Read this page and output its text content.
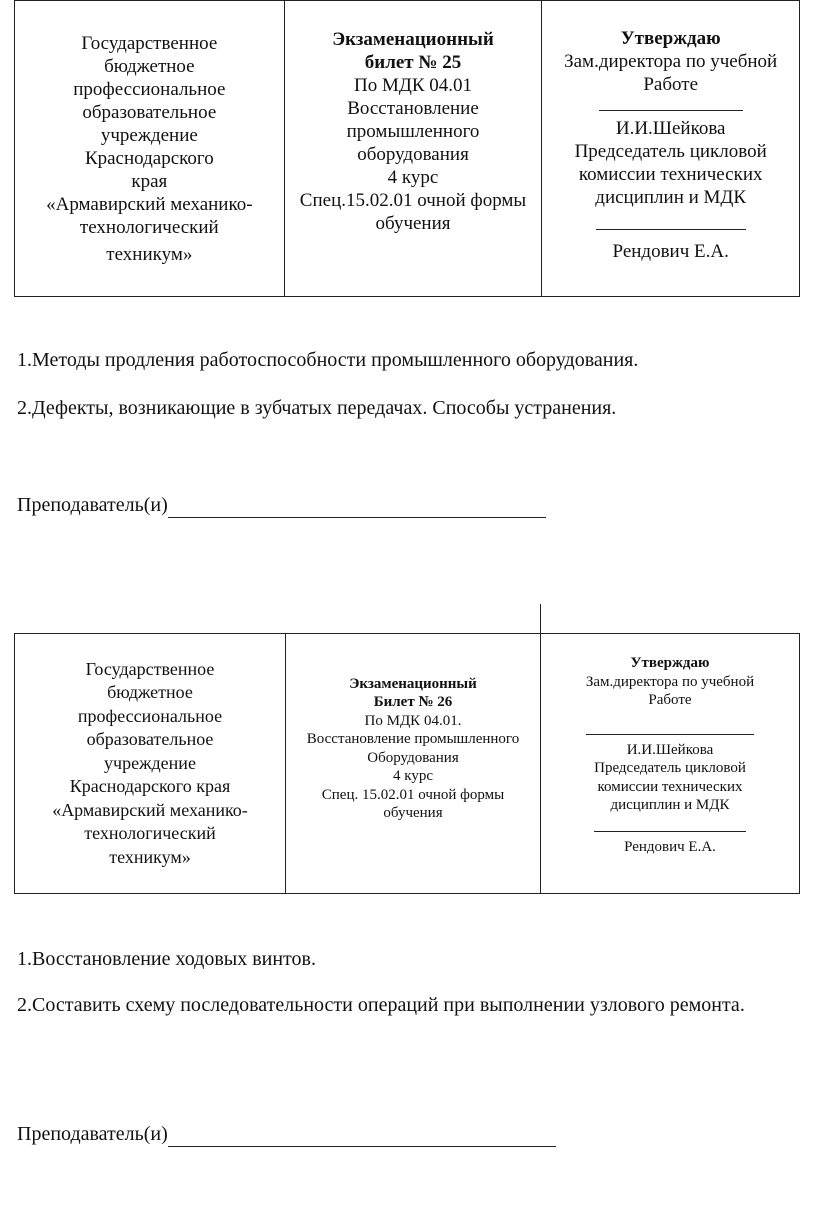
Государственное
бюджетное
профессиональное
образовательное
учреждение
Краснодарского
края
«Армавирский механико-
технологический
техникум»
Экзаменационный
билет № 25
По МДК 04.01
Восстановление
промышленного
оборудования
4 курс
Спец.15.02.01 очной формы
обучения
Утверждаю
Зам.директора по учебной
Работе
И.И.Шейкова
Председатель цикловой
комиссии технических
дисциплин и МДК
Рендович Е.А.
1.Методы продления работоспособности промышленного оборудования.
2.Дефекты, возникающие в зубчатых передачах. Способы устранения.
Преподаватель(и)
Государственное
бюджетное
профессиональное
образовательное
учреждение
Краснодарского края
«Армавирский механико-
технологический
техникум»
Экзаменационный
Билет № 26
По МДК 04.01.
Восстановление промышленного
Оборудования
4 курс
Спец. 15.02.01 очной формы
обучения
Утверждаю
Зам.директора по учебной
Работе
И.И.Шейкова
Председатель цикловой
комиссии технических
дисциплин и МДК
Рендович Е.А.
1.Восстановление ходовых винтов.
2.Составить схему последовательности операций при выполнении узлового ремонта.
Преподаватель(и)
